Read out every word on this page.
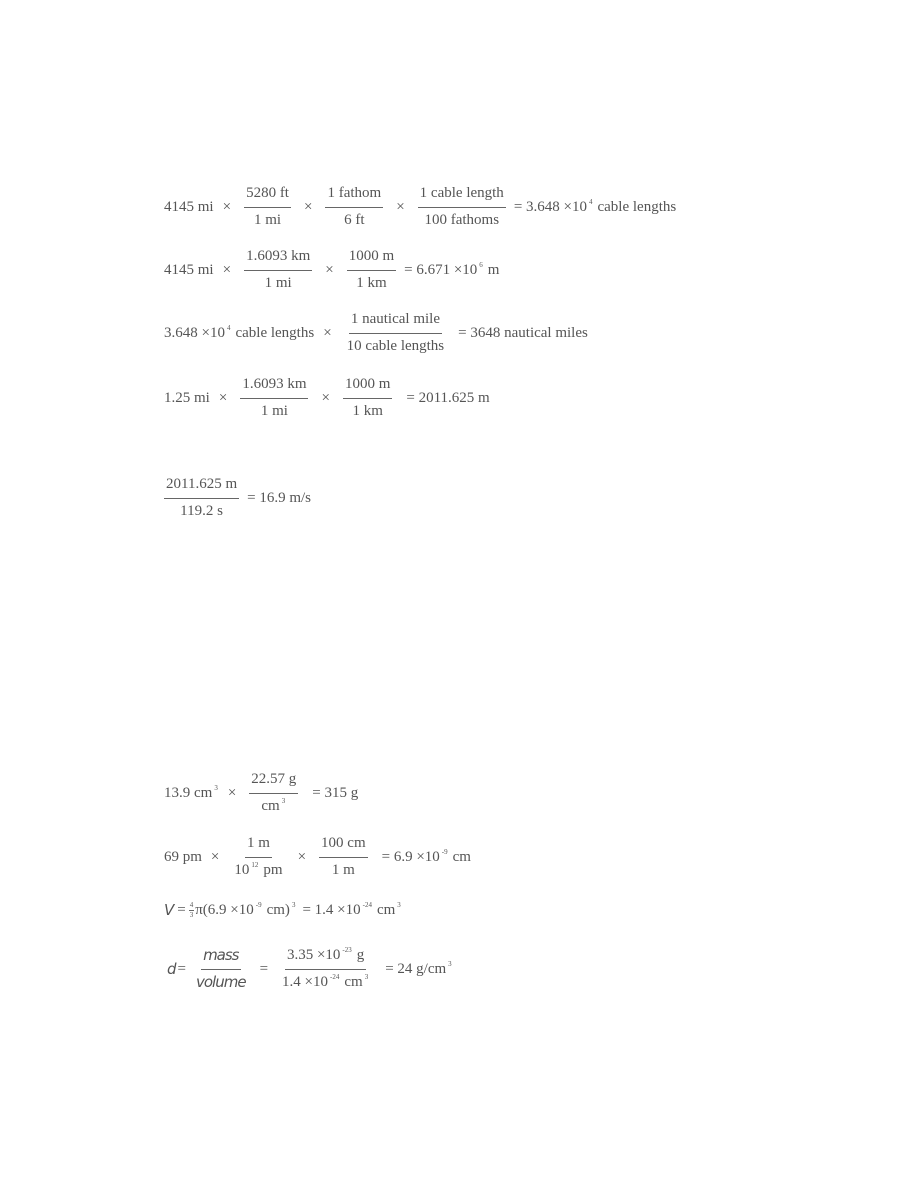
4145 mi × $\frac{5280 ft}{1 mi} \times \frac{\text{1 fathom}}{6 ft} \times \frac{\text{1 cable length}}{\text{100 fathoms}} = 3.648 \times 10$ $^4$ cable lengths
4145 mi × $\frac{1.6093 km}{1 mi} \times \frac{1000 m}{1 km} = 6.671 \times 10$ $^6$ m
3.648 ×10 $^4$ cable lengths × $\frac{\text{1 nautical mile}}{\text{10 cable lengths}} = 3648$ nautical miles
1.25 mi × $\frac{1.6093 km}{1 mi} \times \frac{1000 m}{1 km} = 2011.625$ m
$\frac{2011.625 m}{119.2 s} = 16.9$ m/s
13.9 cm $^3 \times \frac{22.57 g}{cm ^3} = 315$ g
69 pm × $\frac{1 m}{10 ^{12} pm} \times \frac{100 cm}{1 m} = 6.9 \times 10$ $^{-9}$ cm
$V = \frac{4}{3} \pi(6.9 \times 10$ $^{-9}$ cm) $^3$ = 1.4 ×10 $^{-24}$ cm $^3$
$d = \frac{\text{mass}}{\text{volume}} = \frac{3.35 \times 10 ^{-23} g}{1.4 \times 10 ^{-24} cm ^3} = 24$ g/cm $^3$
